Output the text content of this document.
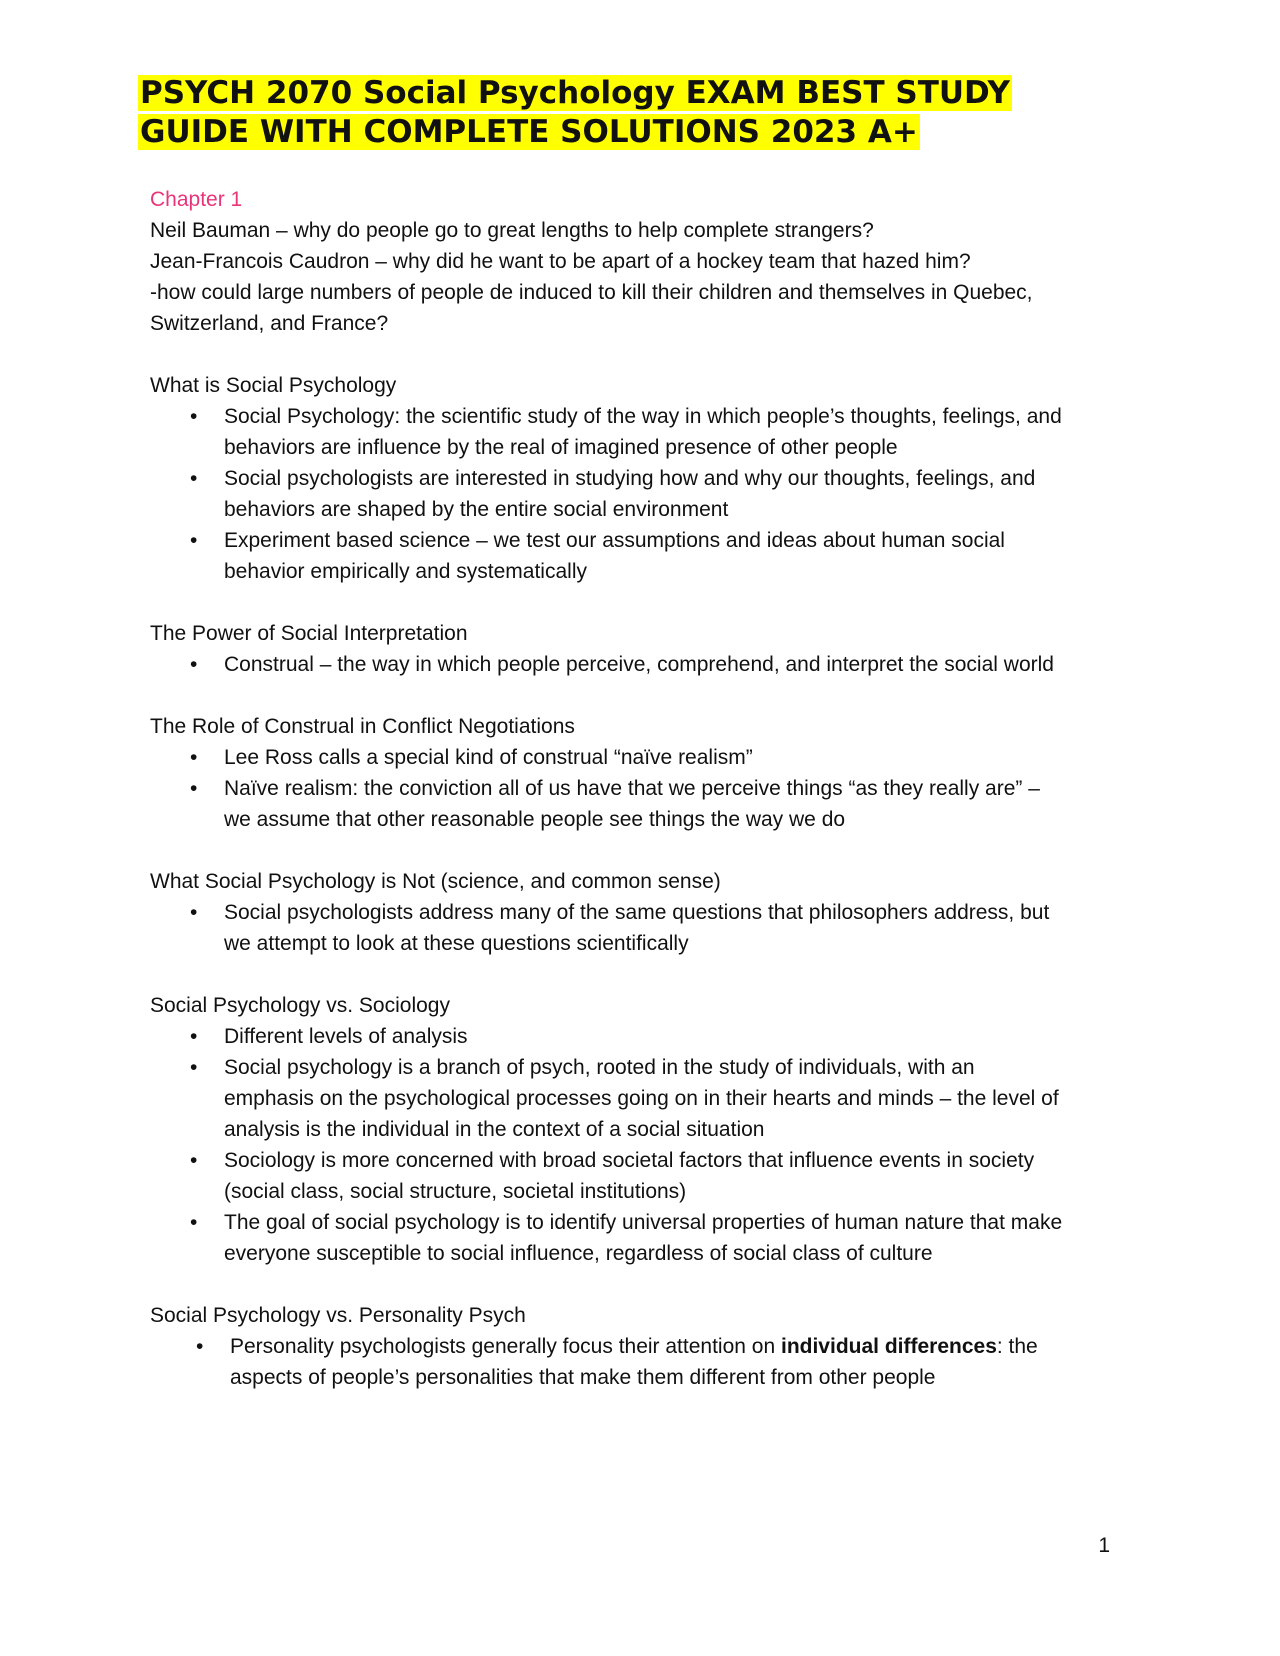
PSYCH 2070 Social Psychology EXAM BEST STUDY GUIDE WITH COMPLETE SOLUTIONS 2023 A+

Chapter 1

Neil Bauman – why do people go to great lengths to help complete strangers?

Jean-Francois Caudron – why did he want to be apart of a hockey team that hazed him?

-how could large numbers of people de induced to kill their children and themselves in Quebec, Switzerland, and France?

What is Social Psychology

• Social Psychology: the scientific study of the way in which people’s thoughts, feelings, and behaviors are influence by the real of imagined presence of other people
• Social psychologists are interested in studying how and why our thoughts, feelings, and behaviors are shaped by the entire social environment
• Experiment based science – we test our assumptions and ideas about human social behavior empirically and systematically

The Power of Social Interpretation

• Construal – the way in which people perceive, comprehend, and interpret the social world

The Role of Construal in Conflict Negotiations

• Lee Ross calls a special kind of construal “naïve realism”
• Naïve realism: the conviction all of us have that we perceive things “as they really are” – we assume that other reasonable people see things the way we do

What Social Psychology is Not (science, and common sense)

• Social psychologists address many of the same questions that philosophers address, but we attempt to look at these questions scientifically

Social Psychology vs. Sociology

• Different levels of analysis
• Social psychology is a branch of psych, rooted in the study of individuals, with an emphasis on the psychological processes going on in their hearts and minds – the level of analysis is the individual in the context of a social situation
• Sociology is more concerned with broad societal factors that influence events in society (social class, social structure, societal institutions)
• The goal of social psychology is to identify universal properties of human nature that make everyone susceptible to social influence, regardless of social class of culture

Social Psychology vs. Personality Psych

• Personality psychologists generally focus their attention on individual differences: the aspects of people’s personalities that make them different from other people
1
